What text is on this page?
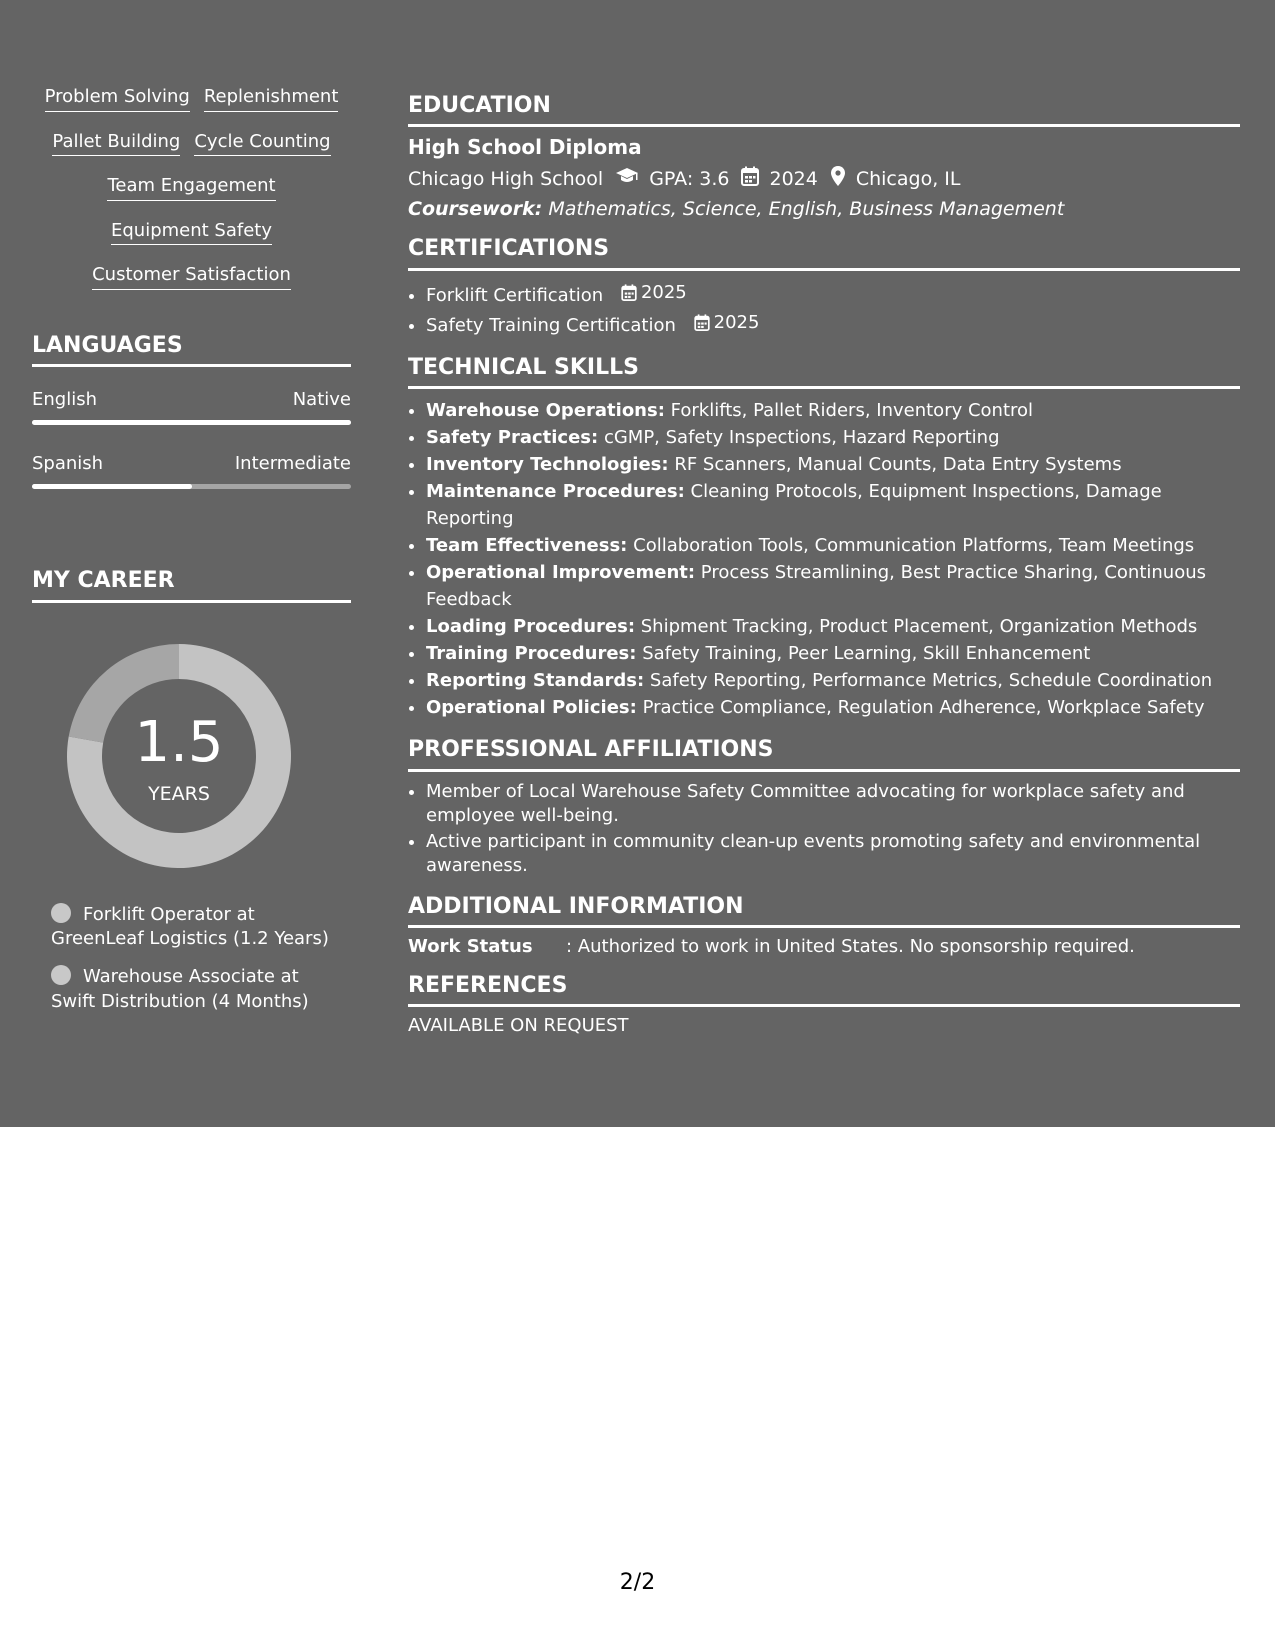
Problem Solving Replenishment
Pallet Building Cycle Counting
Team Engagement
Equipment Safety
Customer Satisfaction
LANGUAGES
English	Native
Spanish	Intermediate
MY CAREER
1.5
YEARS
Forklift Operator at GreenLeaf Logistics (1.2 Years)
Warehouse Associate at Swift Distribution (4 Months)
EDUCATION
High School Diploma
Chicago High School GPA: 3.6 2024 Chicago, IL
Coursework: Mathematics, Science, English, Business Management
CERTIFICATIONS
• Forklift Certification 2025
• Safety Training Certification 2025
TECHNICAL SKILLS
• Warehouse Operations: Forklifts, Pallet Riders, Inventory Control
• Safety Practices: cGMP, Safety Inspections, Hazard Reporting
• Inventory Technologies: RF Scanners, Manual Counts, Data Entry Systems
• Maintenance Procedures: Cleaning Protocols, Equipment Inspections, Damage Reporting
• Team Effectiveness: Collaboration Tools, Communication Platforms, Team Meetings
• Operational Improvement: Process Streamlining, Best Practice Sharing, Continuous Feedback
• Loading Procedures: Shipment Tracking, Product Placement, Organization Methods
• Training Procedures: Safety Training, Peer Learning, Skill Enhancement
• Reporting Standards: Safety Reporting, Performance Metrics, Schedule Coordination
• Operational Policies: Practice Compliance, Regulation Adherence, Workplace Safety
PROFESSIONAL AFFILIATIONS
• Member of Local Warehouse Safety Committee advocating for workplace safety and employee well-being.
• Active participant in community clean-up events promoting safety and environmental awareness.
ADDITIONAL INFORMATION
Work Status	: Authorized to work in United States. No sponsorship required.
REFERENCES
AVAILABLE ON REQUEST
2/2
